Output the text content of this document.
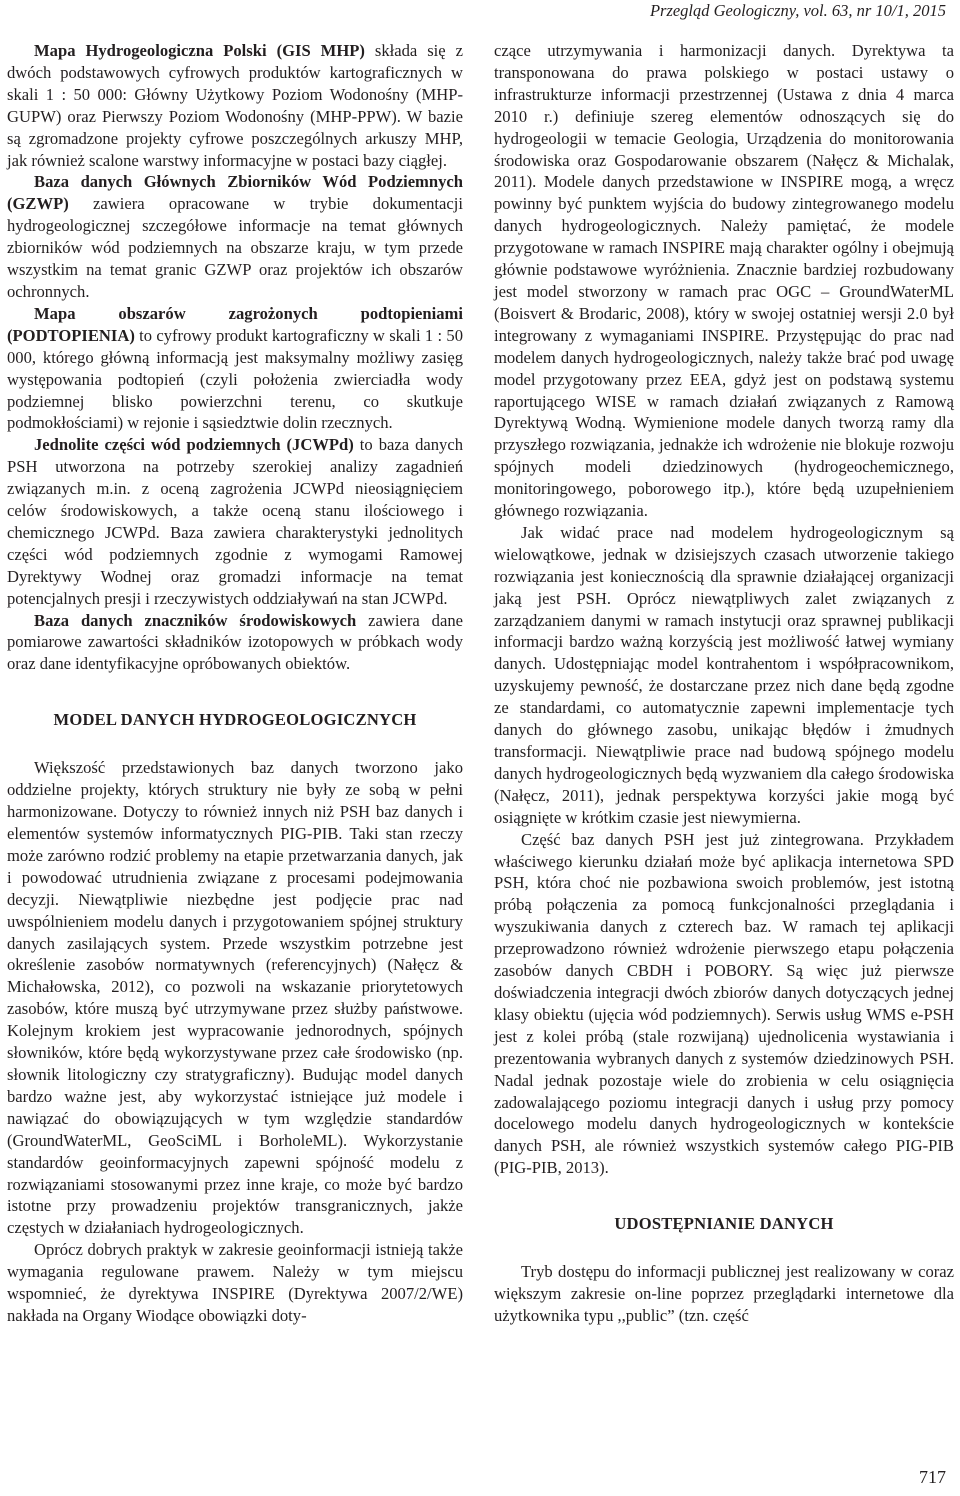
Przegląd Geologiczny, vol. 63, nr 10/1, 2015

Mapa Hydrogeologiczna Polski (GIS MHP) składa się z dwóch podstawowych cyfrowych produktów kartograficznych w skali 1 : 50 000: Główny Użytkowy Poziom Wodonośny (MHP-GUPW) oraz Pierwszy Poziom Wodonośny (MHP-PPW). W bazie są zgromadzone projekty cyfrowe poszczególnych arkuszy MHP, jak również scalone warstwy informacyjne w postaci bazy ciągłej.

Baza danych Głównych Zbiorników Wód Podziemnych (GZWP) zawiera opracowane w trybie dokumentacji hydrogeologicznej szczegółowe informacje na temat głównych zbiorników wód podziemnych na obszarze kraju, w tym przede wszystkim na temat granic GZWP oraz projektów ich obszarów ochronnych.

Mapa obszarów zagrożonych podtopieniami (PODTOPIENIA) to cyfrowy produkt kartograficzny w skali 1 : 50 000, którego główną informacją jest maksymalny możliwy zasięg występowania podtopień (czyli położenia zwierciadła wody podziemnej blisko powierzchni terenu, co skutkuje podmokłościami) w rejonie i sąsiedztwie dolin rzecznych.

Jednolite części wód podziemnych (JCWPd) to baza danych PSH utworzona na potrzeby szerokiej analizy zagadnień związanych m.in. z oceną zagrożenia JCWPd nieosiągnięciem celów środowiskowych, a także oceną stanu ilościowego i chemicznego JCWPd. Baza zawiera charakterystyki jednolitych części wód podziemnych zgodnie z wymogami Ramowej Dyrektywy Wodnej oraz gromadzi informacje na temat potencjalnych presji i rzeczywistych oddziaływań na stan JCWPd.

Baza danych znaczników środowiskowych zawiera dane pomiarowe zawartości składników izotopowych w próbkach wody oraz dane identyfikacyjne opróbowanych obiektów.

MODEL DANYCH HYDROGEOLOGICZNYCH

Większość przedstawionych baz danych tworzono jako oddzielne projekty, których struktury nie były ze sobą w pełni harmonizowane. Dotyczy to również innych niż PSH baz danych i elementów systemów informatycznych PIG-PIB. Taki stan rzeczy może zarówno rodzić problemy na etapie przetwarzania danych, jak i powodować utrudnienia związane z procesami podejmowania decyzji. Niewątpliwie niezbędne jest podjęcie prac nad uwspólnieniem modelu danych i przygotowaniem spójnej struktury danych zasilających system. Przede wszystkim potrzebne jest określenie zasobów normatywnych (referencyjnych) (Nałęcz & Michałowska, 2012), co pozwoli na wskazanie priorytetowych zasobów, które muszą być utrzymywane przez służby państwowe. Kolejnym krokiem jest wypracowanie jednorodnych, spójnych słowników, które będą wykorzystywane przez całe środowisko (np. słownik litologiczny czy stratygraficzny). Budując model danych bardzo ważne jest, aby wykorzystać istniejące już modele i nawiązać do obowiązujących w tym względzie standardów (GroundWaterML, GeoSciML i BorholeML). Wykorzystanie standardów geoinformacyjnych zapewni spójność modelu z rozwiązaniami stosowanymi przez inne kraje, co może być bardzo istotne przy prowadzeniu projektów transgranicznych, jakże częstych w działaniach hydrogeologicznych.

Oprócz dobrych praktyk w zakresie geoinformacji istnieją także wymagania regulowane prawem. Należy w tym miejscu wspomnieć, że dyrektywa INSPIRE (Dyrektywa 2007/2/WE) nakłada na Organy Wiodące obowiązki doty-

czące utrzymywania i harmonizacji danych. Dyrektywa ta transponowana do prawa polskiego w postaci ustawy o infrastrukturze informacji przestrzennej (Ustawa z dnia 4 marca 2010 r.) definiuje szereg elementów odnoszących się do hydrogeologii w temacie Geologia, Urządzenia do monitorowania środowiska oraz Gospodarowanie obszarem (Nałęcz & Michalak, 2011). Modele danych przedstawione w INSPIRE mogą, a wręcz powinny być punktem wyjścia do budowy zintegrowanego modelu danych hydrogeologicznych. Należy pamiętać, że modele przygotowane w ramach INSPIRE mają charakter ogólny i obejmują głównie podstawowe wyróżnienia. Znacznie bardziej rozbudowany jest model stworzony w ramach prac OGC – GroundWaterML (Boisvert & Brodaric, 2008), który w swojej ostatniej wersji 2.0 był integrowany z wymaganiami INSPIRE. Przystępując do prac nad modelem danych hydrogeologicznych, należy także brać pod uwagę model przygotowany przez EEA, gdyż jest on podstawą systemu raportującego WISE w ramach działań związanych z Ramową Dyrektywą Wodną. Wymienione modele danych tworzą ramy dla przyszłego rozwiązania, jednakże ich wdrożenie nie blokuje rozwoju spójnych modeli dziedzinowych (hydrogeochemicznego, monitoringowego, poborowego itp.), które będą uzupełnieniem głównego rozwiązania.

Jak widać prace nad modelem hydrogeologicznym są wielowątkowe, jednak w dzisiejszych czasach utworzenie takiego rozwiązania jest koniecznością dla sprawnie działającej organizacji jaką jest PSH. Oprócz niewątpliwych zalet związanych z zarządzaniem danymi w ramach instytucji oraz sprawnej publikacji informacji bardzo ważną korzyścią jest możliwość łatwej wymiany danych. Udostępniając model kontrahentom i współpracownikom, uzyskujemy pewność, że dostarczane przez nich dane będą zgodne ze standardami, co automatycznie zapewni implementacje tych danych do głównego zasobu, unikając błędów i żmudnych transformacji. Niewątpliwie prace nad budową spójnego modelu danych hydrogeologicznych będą wyzwaniem dla całego środowiska (Nałęcz, 2011), jednak perspektywa korzyści jakie mogą być osiągnięte w krótkim czasie jest niewymierna.

Część baz danych PSH jest już zintegrowana. Przykładem właściwego kierunku działań może być aplikacja internetowa SPD PSH, która choć nie pozbawiona swoich problemów, jest istotną próbą połączenia za pomocą funkcjonalności przeglądania i wyszukiwania danych z czterech baz. W ramach tej aplikacji przeprowadzono również wdrożenie pierwszego etapu połączenia zasobów danych CBDH i POBORY. Są więc już pierwsze doświadczenia integracji dwóch zbiorów danych dotyczących jednej klasy obiektu (ujęcia wód podziemnych). Serwis usług WMS e-PSH jest z kolei próbą (stale rozwijaną) ujednolicenia wystawiania i prezentowania wybranych danych z systemów dziedzinowych PSH. Nadal jednak pozostaje wiele do zrobienia w celu osiągnięcia zadowalającego poziomu integracji danych i usług przy pomocy docelowego modelu danych hydrogeologicznych w kontekście danych PSH, ale również wszystkich systemów całego PIG-PIB (PIG-PIB, 2013).

UDOSTĘPNIANIE DANYCH

Tryb dostępu do informacji publicznej jest realizowany w coraz większym zakresie on-line poprzez przeglądarki internetowe dla użytkownika typu ,,public” (tzn. część

717
